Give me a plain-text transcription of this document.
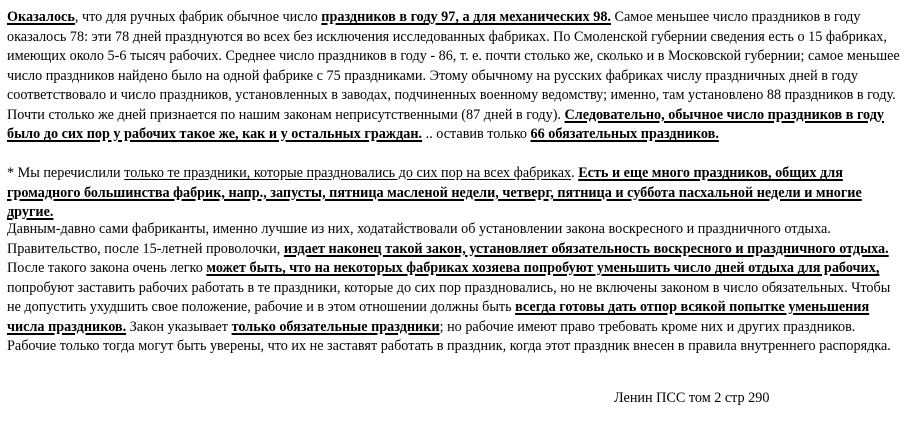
Оказалось, что для ручных фабрик обычное число праздников в году 97, а для механических 98. Самое меньшее число праздников в году оказалось 78: эти 78 дней празднуются во всех без исключения исследованных фабриках. По Смоленской губернии сведения есть о 15 фабриках, имеющих около 5-6 тысяч рабочих. Среднее число праздников в году - 86, т. е. почти столько же, сколько и в Московской губернии; самое меньшее число праздников найдено было на одной фабрике с 75 праздниками. Этому обычному на русских фабриках числу праздничных дней в году соответствовало и число праздников, установленных в заводах, подчиненных военному ведомству; именно, там установлено 88 праздников в году. Почти столько же дней признается по нашим законам неприсутственными (87 дней в году). Следовательно, обычное число праздников в году было до сих пор у рабочих такое же, как и у остальных граждан. .. оставив только 66 обязательных праздников.

* Мы перечислили только те праздники, которые праздновались до сих пор на всех фабриках. Есть и еще много праздников, общих для громадного большинства фабрик, напр., запусты, пятница масленой недели, четверг, пятница и суббота пасхальной недели и многие другие.

Давным-давно сами фабриканты, именно лучшие из них, ходатайствовали об установлении закона воскресного и праздничного отдыха. Правительство, после 15-летней проволочки, издает наконец такой закон, установляет обязательность воскресного и праздничного отдыха. После такого закона очень легко может быть, что на некоторых фабриках хозяева попробуют уменьшить число дней отдыха для рабочих, попробуют заставить рабочих работать в те праздники, которые до сих пор праздновались, но не включены законом в число обязательных. Чтобы не допустить ухудшить свое положение, рабочие и в этом отношении должны быть всегда готовы дать отпор всякой попытке уменьшения числа праздников. Закон указывает только обязательные праздники; но рабочие имеют право требовать кроме них и других праздников. Рабочие только тогда могут быть уверены, что их не заставят работать в праздник, когда этот праздник внесен в правила внутреннего распорядка.

Ленин ПСС том 2 стр 290
